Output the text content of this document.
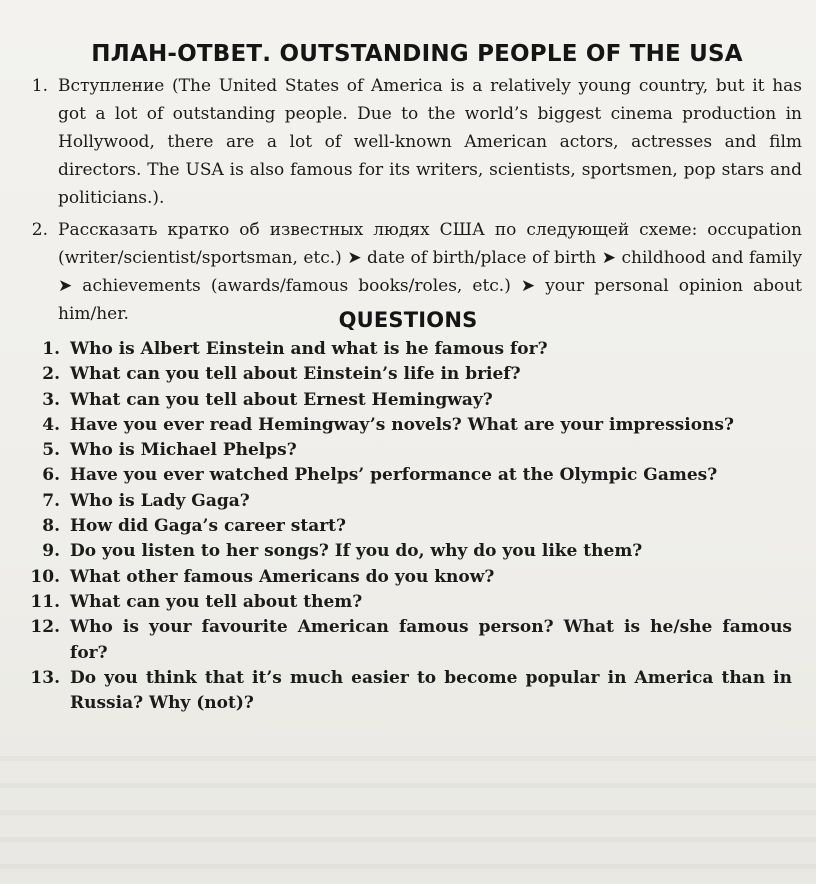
ПЛАН-ОТВЕТ. OUTSTANDING PEOPLE OF THE USA
1. Вступление (The United States of America is a relatively young country, but it has got a lot of outstanding people. Due to the world’s biggest cinema production in Hollywood, there are a lot of well-known American actors, actresses and film directors. The USA is also famous for its writers, scientists, sportsmen, pop stars and politicians.).
2. Рассказать кратко об известных людях США по следующей схеме: occupation (writer/scientist/sportsman, etc.) ➤ date of birth/place of birth ➤ childhood and family ➤ achievements (awards/famous books/roles, etc.) ➤ your personal opinion about him/her.	QUESTIONS
1. Who is Albert Einstein and what is he famous for?
2. What can you tell about Einstein’s life in brief?
3. What can you tell about Ernest Hemingway?
4. Have you ever read Hemingway’s novels? What are your impressions?
5. Who is Michael Phelps?
6. Have you ever watched Phelps’ performance at the Olympic Games?
7. Who is Lady Gaga?
8. How did Gaga’s career start?
9. Do you listen to her songs? If you do, why do you like them?
10. What other famous Americans do you know?
11. What can you tell about them?
12. Who is your favourite American famous person? What is he/she famous for?
13. Do you think that it’s much easier to become popular in America than in Russia? Why (not)?
